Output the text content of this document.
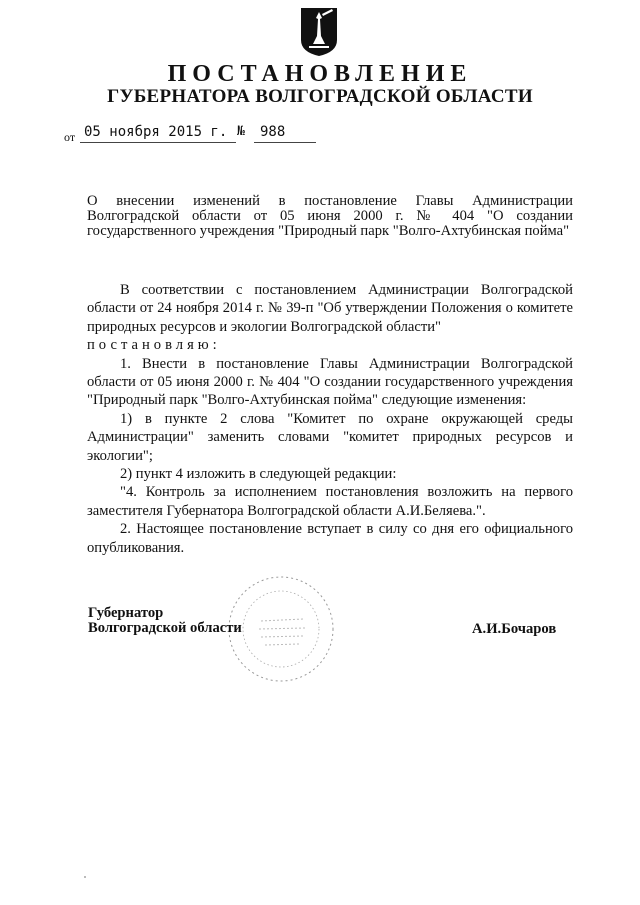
ПОСТАНОВЛЕНИЕ
ГУБЕРНАТОРА ВОЛГОГРАДСКОЙ ОБЛАСТИ
от 05 ноября 2015 г. № 988
О внесении изменений в постановление Главы Администрации Волгоградской области от 05 июня 2000 г. № 404 "О создании государственного учреждения "Природный парк "Волго-Ахтубинская пойма"

В соответствии с постановлением Администрации Волгоградской области от 24 ноября 2014 г. № 39-п "Об утверждении Положения о комитете природных ресурсов и экологии Волгоградской области"

постановляю:

1. Внести в постановление Главы Администрации Волгоградской области от 05 июня 2000 г. № 404 "О создании государственного учреждения "Природный парк "Волго-Ахтубинская пойма" следующие изменения:

1) в пункте 2 слова "Комитет по охране окружающей среды Администрации" заменить словами "комитет природных ресурсов и экологии";

2) пункт 4 изложить в следующей редакции:

"4. Контроль за исполнением постановления возложить на первого заместителя Губернатора Волгоградской области А.И.Беляева.".

2. Настоящее постановление вступает в силу со дня его официального опубликования.

Губернатор
Волгоградской области	А.И.Бочаров
